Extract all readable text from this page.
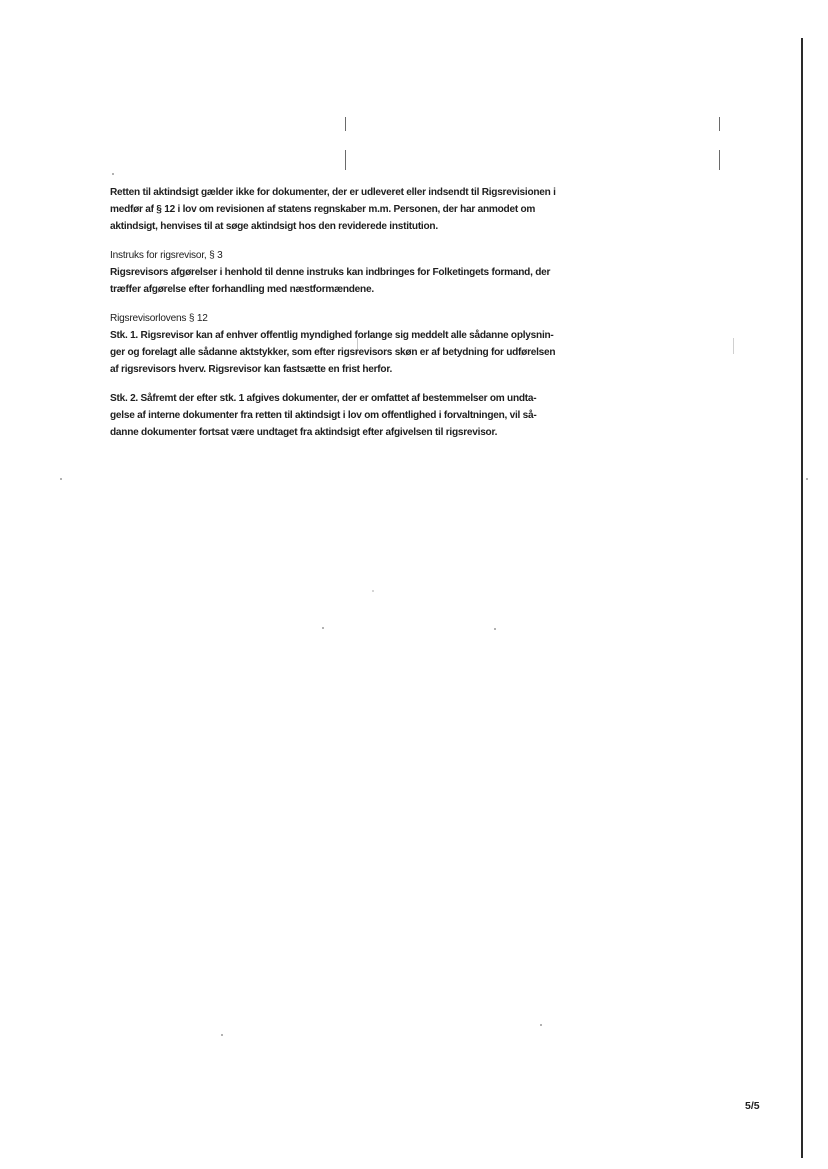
Retten til aktindsigt gælder ikke for dokumenter, der er udleveret eller indsendt til Rigsrevisionen i

medfør af § 12 i lov om revisionen af statens regnskaber m.m. Personen, der har anmodet om

aktindsigt, henvises til at søge aktindsigt hos den reviderede institution.

Instruks for rigsrevisor, § 3

Rigsrevisors afgørelser i henhold til denne instruks kan indbringes for Folketingets formand, der

træffer afgørelse efter forhandling med næstformændene.

Rigsrevisorlovens § 12

Stk. 1. Rigsrevisor kan af enhver offentlig myndighed forlange sig meddelt alle sådanne oplysnin-

ger og forelagt alle sådanne aktstykker, som efter rigsrevisors skøn er af betydning for udførelsen

af rigsrevisors hverv. Rigsrevisor kan fastsætte en frist herfor.

Stk. 2. Såfremt der efter stk. 1 afgives dokumenter, der er omfattet af bestemmelser om undta-

gelse af interne dokumenter fra retten til aktindsigt i lov om offentlighed i forvaltningen, vil så-

danne dokumenter fortsat være undtaget fra aktindsigt efter afgivelsen til rigsrevisor.

5/5
